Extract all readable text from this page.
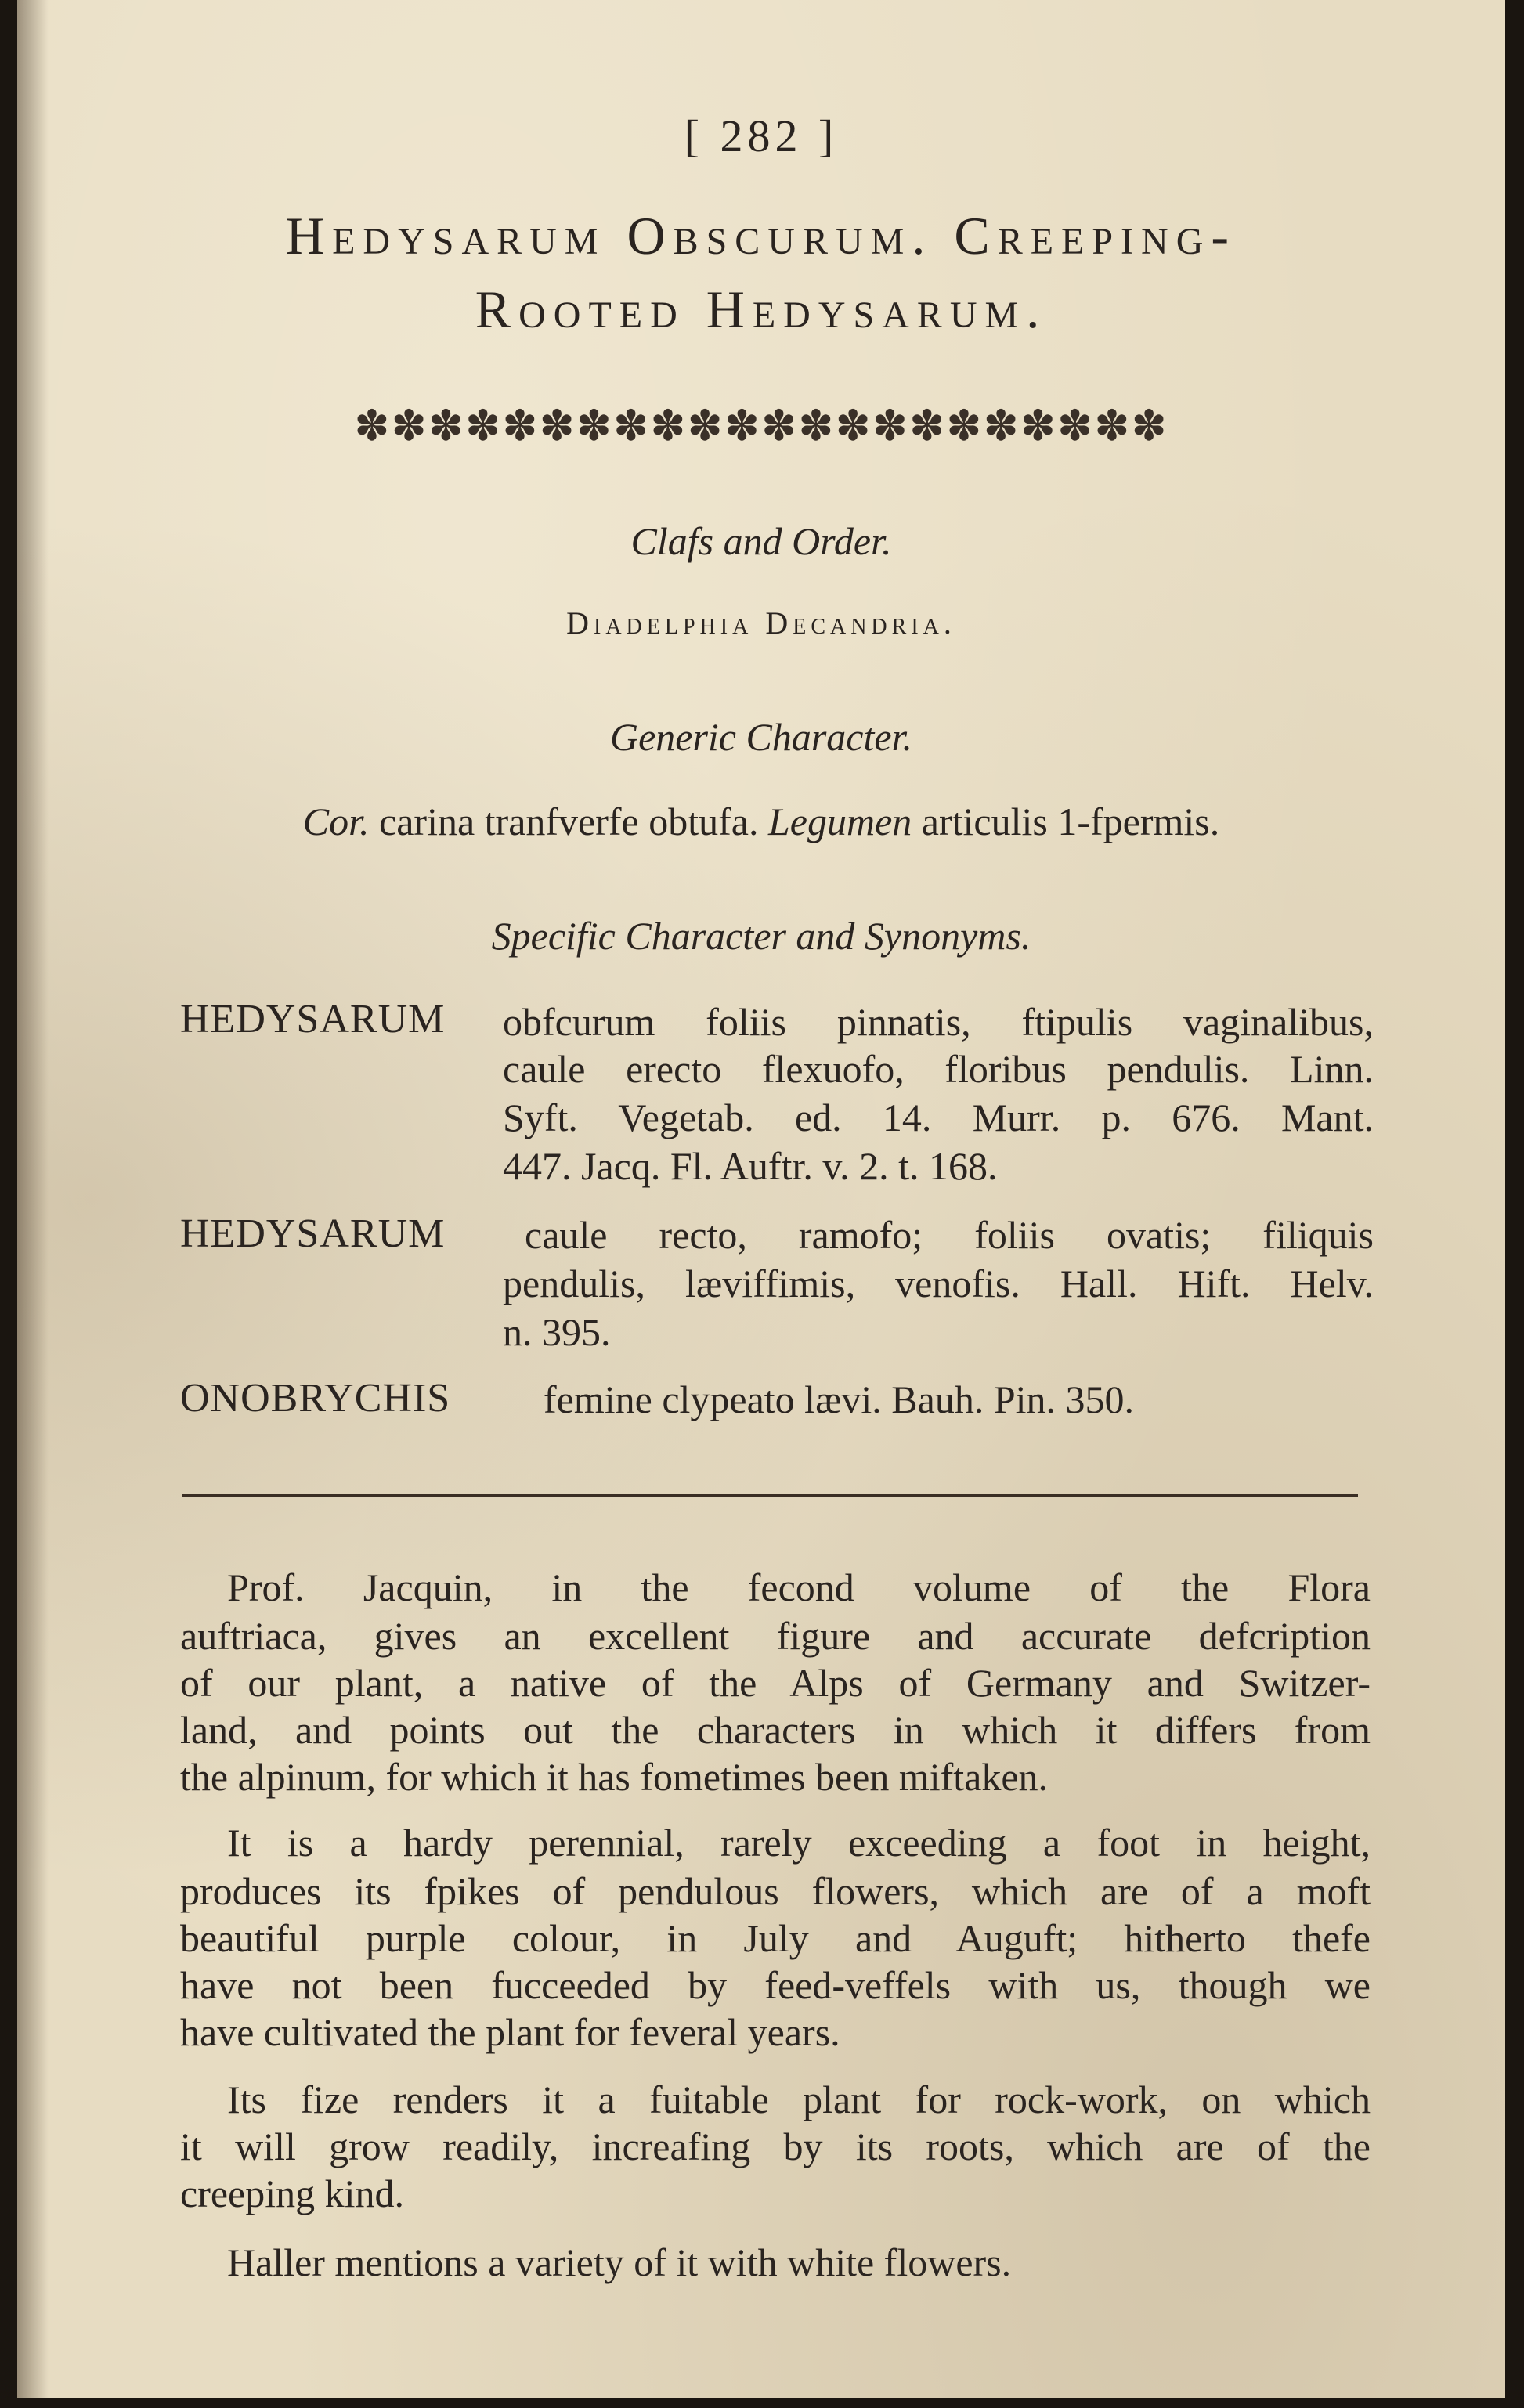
[ 282 ]
Hedysarum Obscurum. Creeping-
Rooted Hedysarum.
✽✽✽✽✽✽✽✽✽✽✽✽✽✽✽✽✽✽✽✽✽✽
Clafs and Order.
Diadelphia Decandria.
Generic Character.
Cor. carina tranfverfe obtufa. Legumen articulis 1-fpermis.
Specific Character and Synonyms.
HEDYSARUM obfcurum foliis pinnatis, ftipulis vaginalibus,
caule erecto flexuofo, floribus pendulis. Linn.
Syft. Vegetab. ed. 14. Murr. p. 676. Mant.
447. Jacq. Fl. Auftr. v. 2. t. 168.
HEDYSARUM caule recto, ramofo; foliis ovatis; filiquis
pendulis, læviffimis, venofis. Hall. Hift. Helv.
n. 395.
ONOBRYCHIS femine clypeato lævi. Bauh. Pin. 350.
Prof. Jacquin, in the fecond volume of the Flora
auftriaca, gives an excellent figure and accurate defcription
of our plant, a native of the Alps of Germany and Switzer-
land, and points out the characters in which it differs from
the alpinum, for which it has fometimes been miftaken.
It is a hardy perennial, rarely exceeding a foot in height,
produces its fpikes of pendulous flowers, which are of a moft
beautiful purple colour, in July and Auguft; hitherto thefe
have not been fucceeded by feed-veffels with us, though we
have cultivated the plant for feveral years.
Its fize renders it a fuitable plant for rock-work, on which
it will grow readily, increafing by its roots, which are of the
creeping kind.
Haller mentions a variety of it with white flowers.
